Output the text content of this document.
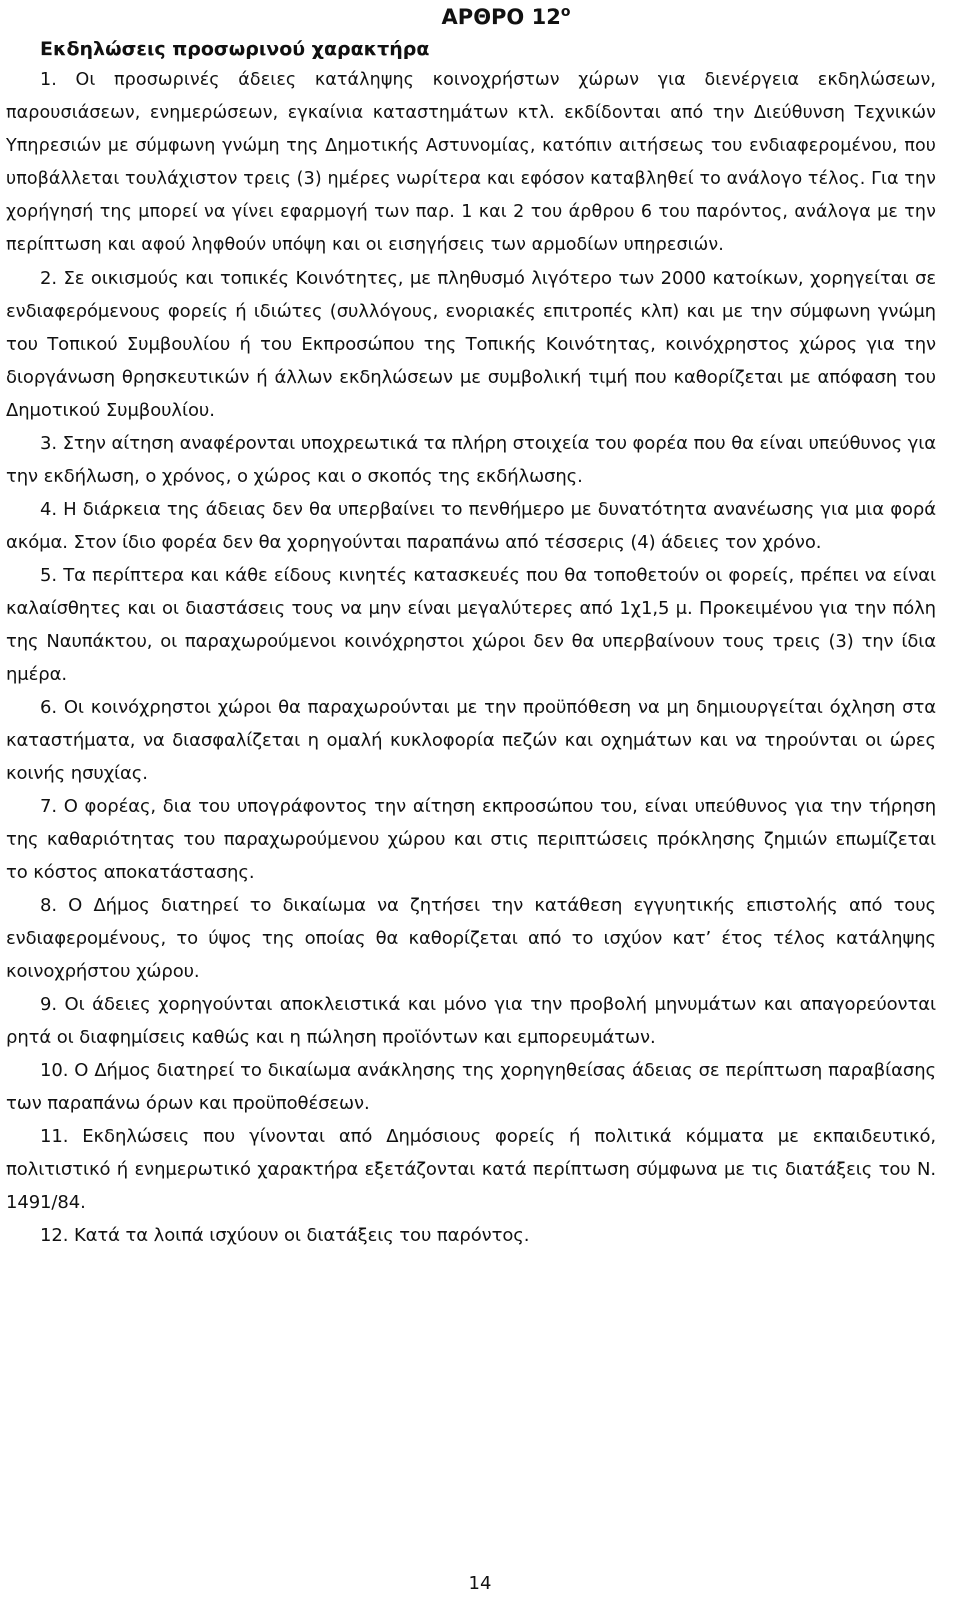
ΑΡΘΡΟ $12^o$
Εκδηλώσεις προσωρινού χαρακτήρα

1. Οι προσωρινές άδειες κατάληψης κοινοχρήστων χώρων για διενέργεια εκδηλώσεων, παρουσιάσεων, ενημερώσεων, εγκαίνια καταστημάτων κτλ. εκδίδονται από την Διεύθυνση Τεχνικών Υπηρεσιών με σύμφωνη γνώμη της Δημοτικής Αστυνομίας, κατόπιν αιτήσεως του ενδιαφερομένου, που υποβάλλεται τουλάχιστον τρεις (3) ημέρες νωρίτερα και εφόσον καταβληθεί το ανάλογο τέλος. Για την χορήγησή της μπορεί να γίνει εφαρμογή των παρ. 1 και 2 του άρθρου 6 του παρόντος, ανάλογα με την περίπτωση και αφού ληφθούν υπόψη και οι εισηγήσεις των αρμοδίων υπηρεσιών.

2. Σε οικισμούς και τοπικές Κοινότητες, με πληθυσμό λιγότερο των 2000 κατοίκων, χορηγείται σε ενδιαφερόμενους φορείς ή ιδιώτες (συλλόγους, ενοριακές επιτροπές κλπ) και με την σύμφωνη γνώμη του Τοπικού Συμβουλίου ή του Εκπροσώπου της Τοπικής Κοινότητας, κοινόχρηστος χώρος για την διοργάνωση θρησκευτικών ή άλλων εκδηλώσεων με συμβολική τιμή που καθορίζεται με απόφαση του Δημοτικού Συμβουλίου.

3. Στην αίτηση αναφέρονται υποχρεωτικά τα πλήρη στοιχεία του φορέα που θα είναι υπεύθυνος για την εκδήλωση, ο χρόνος, ο χώρος και ο σκοπός της εκδήλωσης.

4. Η διάρκεια της άδειας δεν θα υπερβαίνει το πενθήμερο με δυνατότητα ανανέωσης για μια φορά ακόμα. Στον ίδιο φορέα δεν θα χορηγούνται παραπάνω από τέσσερις (4) άδειες τον χρόνο.

5. Τα περίπτερα και κάθε είδους κινητές κατασκευές που θα τοποθετούν οι φορείς, πρέπει να είναι καλαίσθητες και οι διαστάσεις τους να μην είναι μεγαλύτερες από 1χ1,5 μ. Προκειμένου για την πόλη της Ναυπάκτου, οι παραχωρούμενοι κοινόχρηστοι χώροι δεν θα υπερβαίνουν τους τρεις (3) την ίδια ημέρα.

6. Οι κοινόχρηστοι χώροι θα παραχωρούνται με την προϋπόθεση να μη δημιουργείται όχληση στα καταστήματα, να διασφαλίζεται η ομαλή κυκλοφορία πεζών και οχημάτων και να τηρούνται οι ώρες κοινής ησυχίας.

7. Ο φορέας, δια του υπογράφοντος την αίτηση εκπροσώπου του, είναι υπεύθυνος για την τήρηση της καθαριότητας του παραχωρούμενου χώρου και στις περιπτώσεις πρόκλησης ζημιών επωμίζεται το κόστος αποκατάστασης.

8. Ο Δήμος διατηρεί το δικαίωμα να ζητήσει την κατάθεση εγγυητικής επιστολής από τους ενδιαφερομένους, το ύψος της οποίας θα καθορίζεται από το ισχύον κατ’ έτος τέλος κατάληψης κοινοχρήστου χώρου.

9. Οι άδειες χορηγούνται αποκλειστικά και μόνο για την προβολή μηνυμάτων και απαγορεύονται ρητά οι διαφημίσεις καθώς και η πώληση προϊόντων και εμπορευμάτων.

10. Ο Δήμος διατηρεί το δικαίωμα ανάκλησης της χορηγηθείσας άδειας σε περίπτωση παραβίασης των παραπάνω όρων και προϋποθέσεων.

11. Εκδηλώσεις που γίνονται από Δημόσιους φορείς ή πολιτικά κόμματα με εκπαιδευτικό, πολιτιστικό ή ενημερωτικό χαρακτήρα εξετάζονται κατά περίπτωση σύμφωνα με τις διατάξεις του Ν. 1491/84.

12. Κατά τα λοιπά ισχύουν οι διατάξεις του παρόντος.

14
